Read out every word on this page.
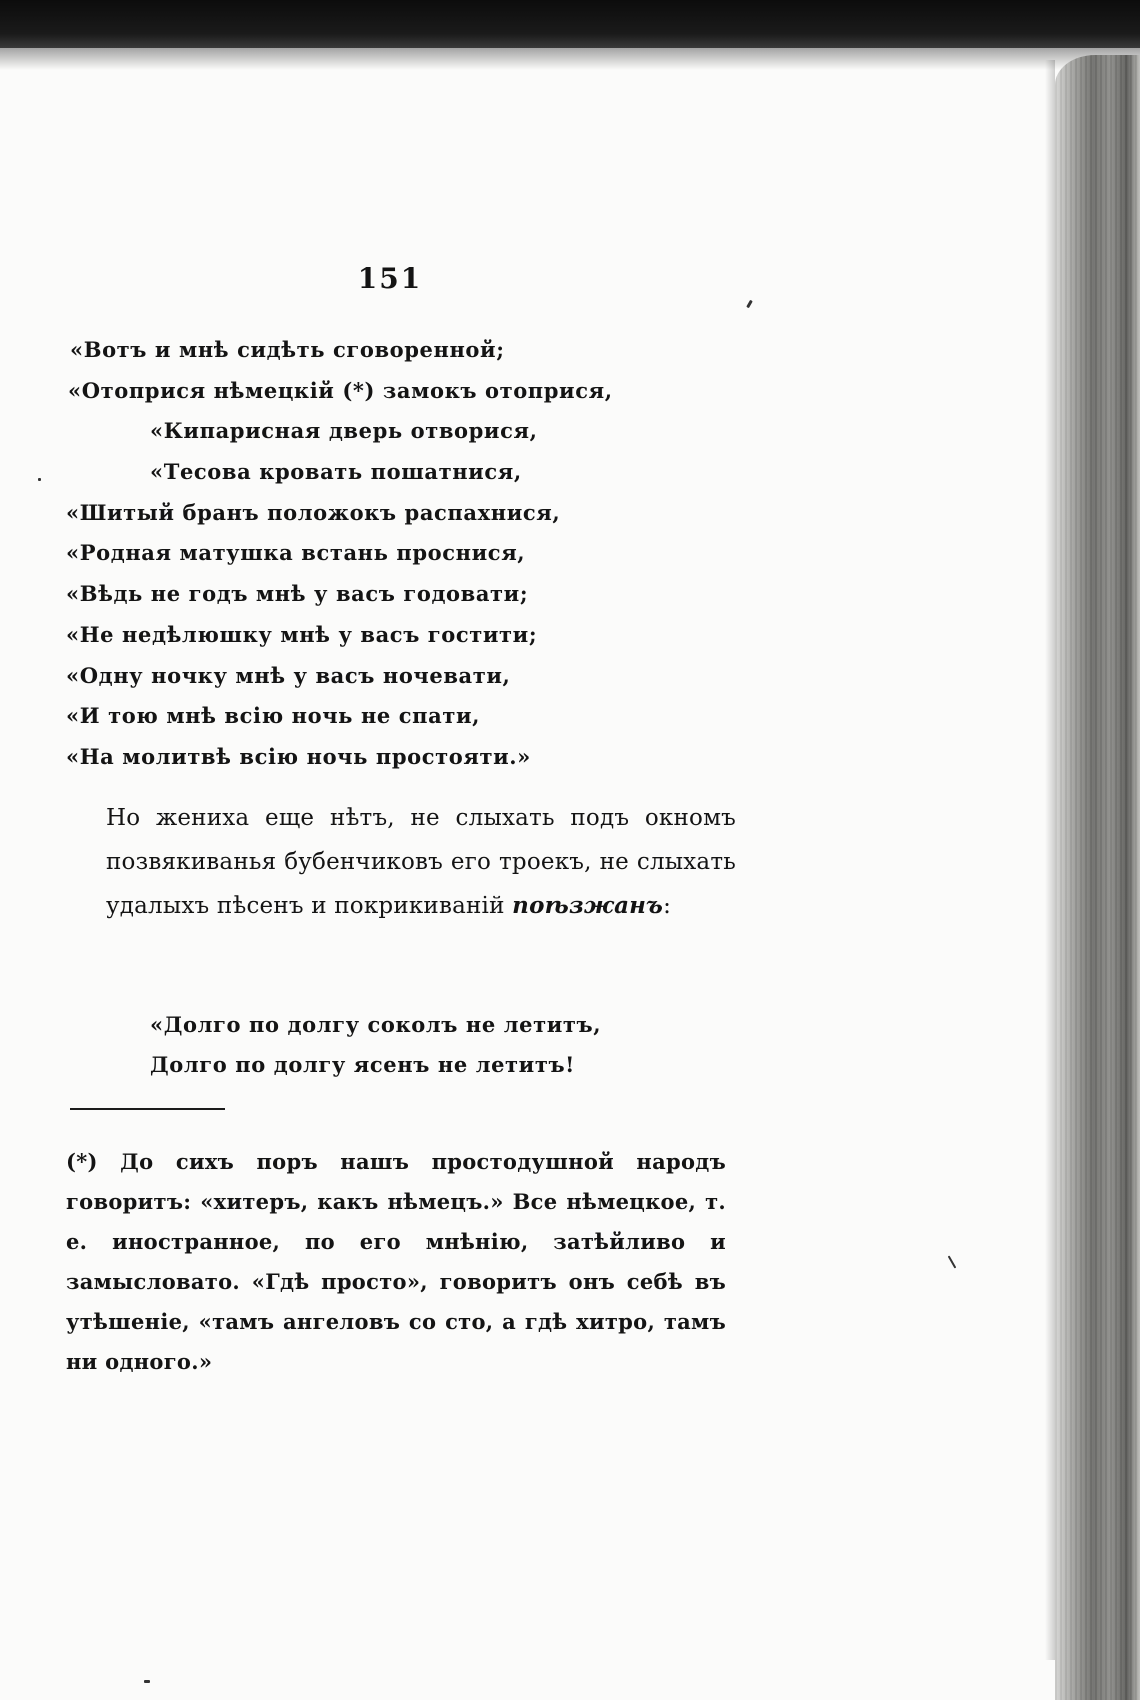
151
«Вотъ и мнѣ сидѣть сговоренной;
«Отоприся нѣмецкій (*) замокъ отоприся,
«Кипарисная дверь отворися,
«Тесова кровать пошатнися,
«Шитый бранъ положокъ распахнися,
«Родная матушка встань проснися,
«Вѣдь не годъ мнѣ у васъ годовати;
«Не недѣлюшку мнѣ у васъ гостити;
«Одну ночку мнѣ у васъ ночевати,
«И тою мнѣ всiю ночь не спати,
«На молитвѣ всiю ночь простояти.»
Но жениха еще нѣтъ, не слыхать подъ окномъ позвякиванья бубенчиковъ его троекъ, не слыхать удалыхъ пѣсенъ и покрикиванiй поѣзжанъ:
«Долго по долгу соколъ не летитъ,
Долго по долгу ясенъ не летитъ!
(*) До сихъ поръ нашъ простодушной народъ говоритъ: «хитеръ, какъ нѣмецъ.» Все нѣмецкое, т. е. иностранное, по его мнѣнiю, затѣйливо и замысловато. «Гдѣ просто», говоритъ онъ себѣ въ утѣшенiе, «тамъ ангеловъ со сто, а гдѣ хитро, тамъ ни одного.»
